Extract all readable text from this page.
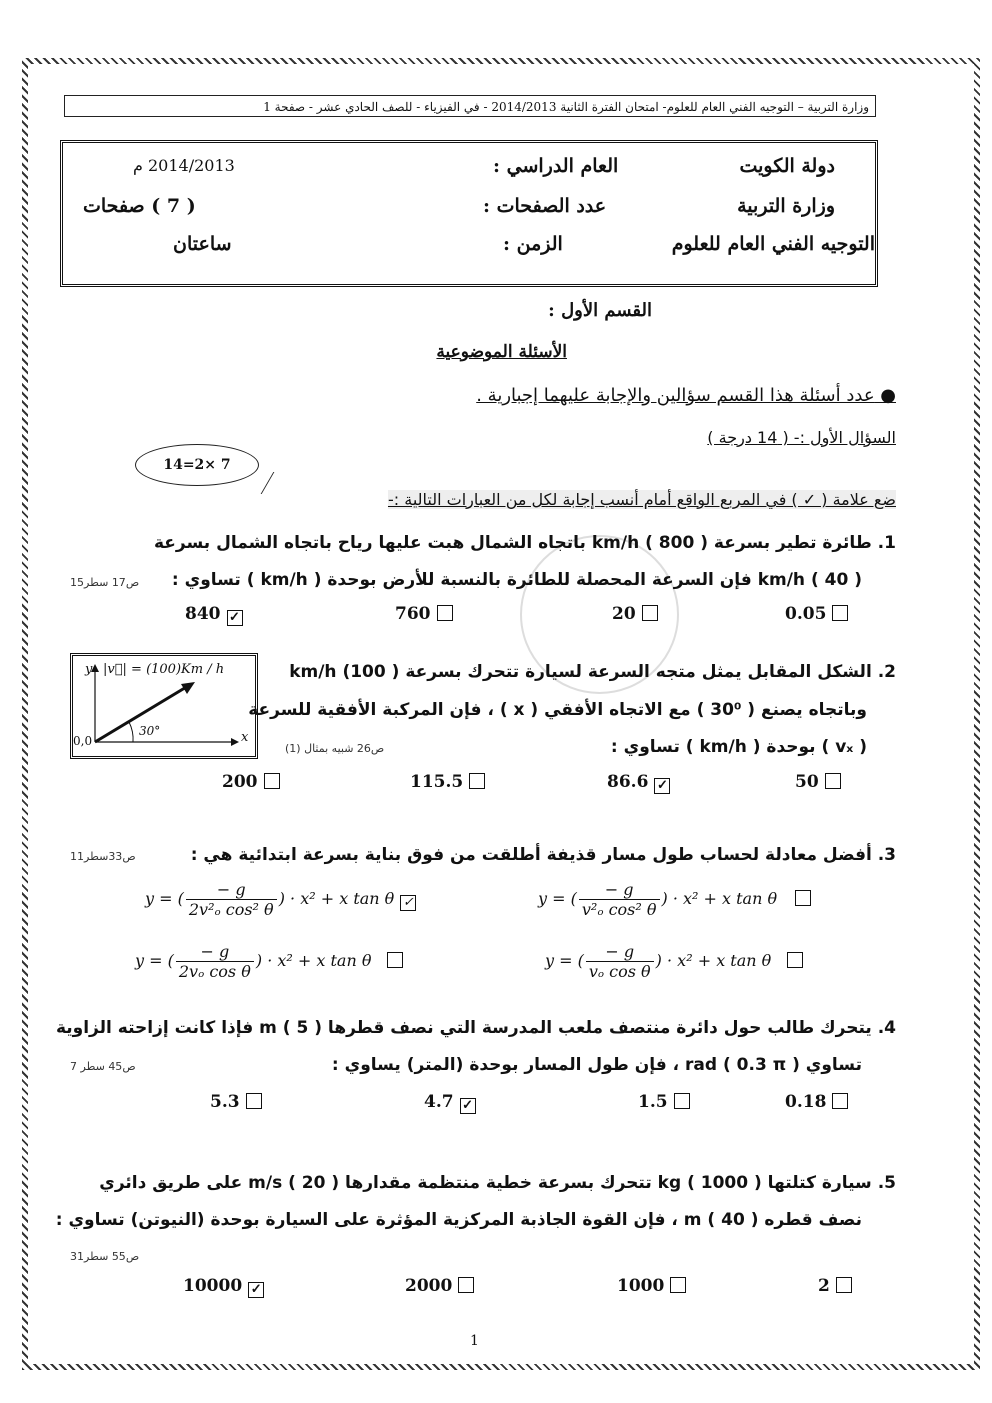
وزارة التربية – التوجيه الفني العام للعلوم- امتحان الفترة الثانية 2014/2013 - في الفيزياء - للصف الحادي عشر - صفحة 1
دولة الكويت
وزارة التربية
التوجيه الفني العام للعلوم
العام الدراسي :
2014/2013 م
عدد الصفحات :
( 7 ) صفحات
الزمن :
ساعتان
القسم الأول :
الأسئلة الموضوعية
● عدد أسئلة هذا القسم سؤالين والإجابة عليهما إجبارية .
السؤال الأول :- ( 14 درجة )
14=2× 7
ضع علامة ( ✓ ) في المربع الواقع أمام أنسب إجابة لكل من العبارات التالية :-
1. طائرة تطير بسرعة km/h ( 800 ) باتجاه الشمال هبت عليها رياح باتجاه الشمال بسرعة
km/h ( 40 ) فإن السرعة المحصلة للطائرة بالنسبة للأرض بوحدة ( km/h ) تساوي :
ص17 سطر15
840 ✓	760	20	0.05
y |v⃗| = (100)Km / h
30°
0,0	x
2. الشكل المقابل يمثل متجه السرعة لسيارة تتحرك بسرعة km/h (100 )
وباتجاه يصنع ( 30⁰ ) مع الاتجاه الأفقي ( x ) ، فإن المركبة الأفقية للسرعة
( vₓ ) بوحدة ( km/h ) تساوي :
ص26 شبيه بمثال (1)
200	115.5	86.6 ✓	50
3. أفضل معادلة لحساب طول مسار قذيفة أطلقت من فوق بناية بسرعة ابتدائية هي :
ص33سطر11
y = ( $\frac{- g}{\text{2v²ₒ cos² θ}}$ ) · x² + x tan θ ✓	y = ( $\frac{- g}{\text{v²ₒ cos² θ}}$ ) · x² + x tan θ
y = ( $\frac{- g}{\text{2vₒ cos θ}}$ ) · x² + x tan θ	y = ( $\frac{- g}{\text{vₒ cos θ}}$ ) · x² + x tan θ
4. يتحرك طالب حول دائرة منتصف ملعب المدرسة التي نصف قطرها m ( 5 ) فإذا كانت إزاحته الزاوية
تساوي rad ( 0.3 π ) ، فإن طول المسار بوحدة (المتر) يساوي :
ص45 سطر 7
5.3	4.7 ✓	1.5	0.18
5. سيارة كتلتها kg ( 1000 ) تتحرك بسرعة خطية منتظمة مقدارها m/s ( 20 ) على طريق دائري
نصف قطره m ( 40 ) ، فإن القوة الجاذبة المركزية المؤثرة على السيارة بوحدة (النيوتن) تساوي :
ص55 سطر31
10000 ✓	2000	1000	2
1
